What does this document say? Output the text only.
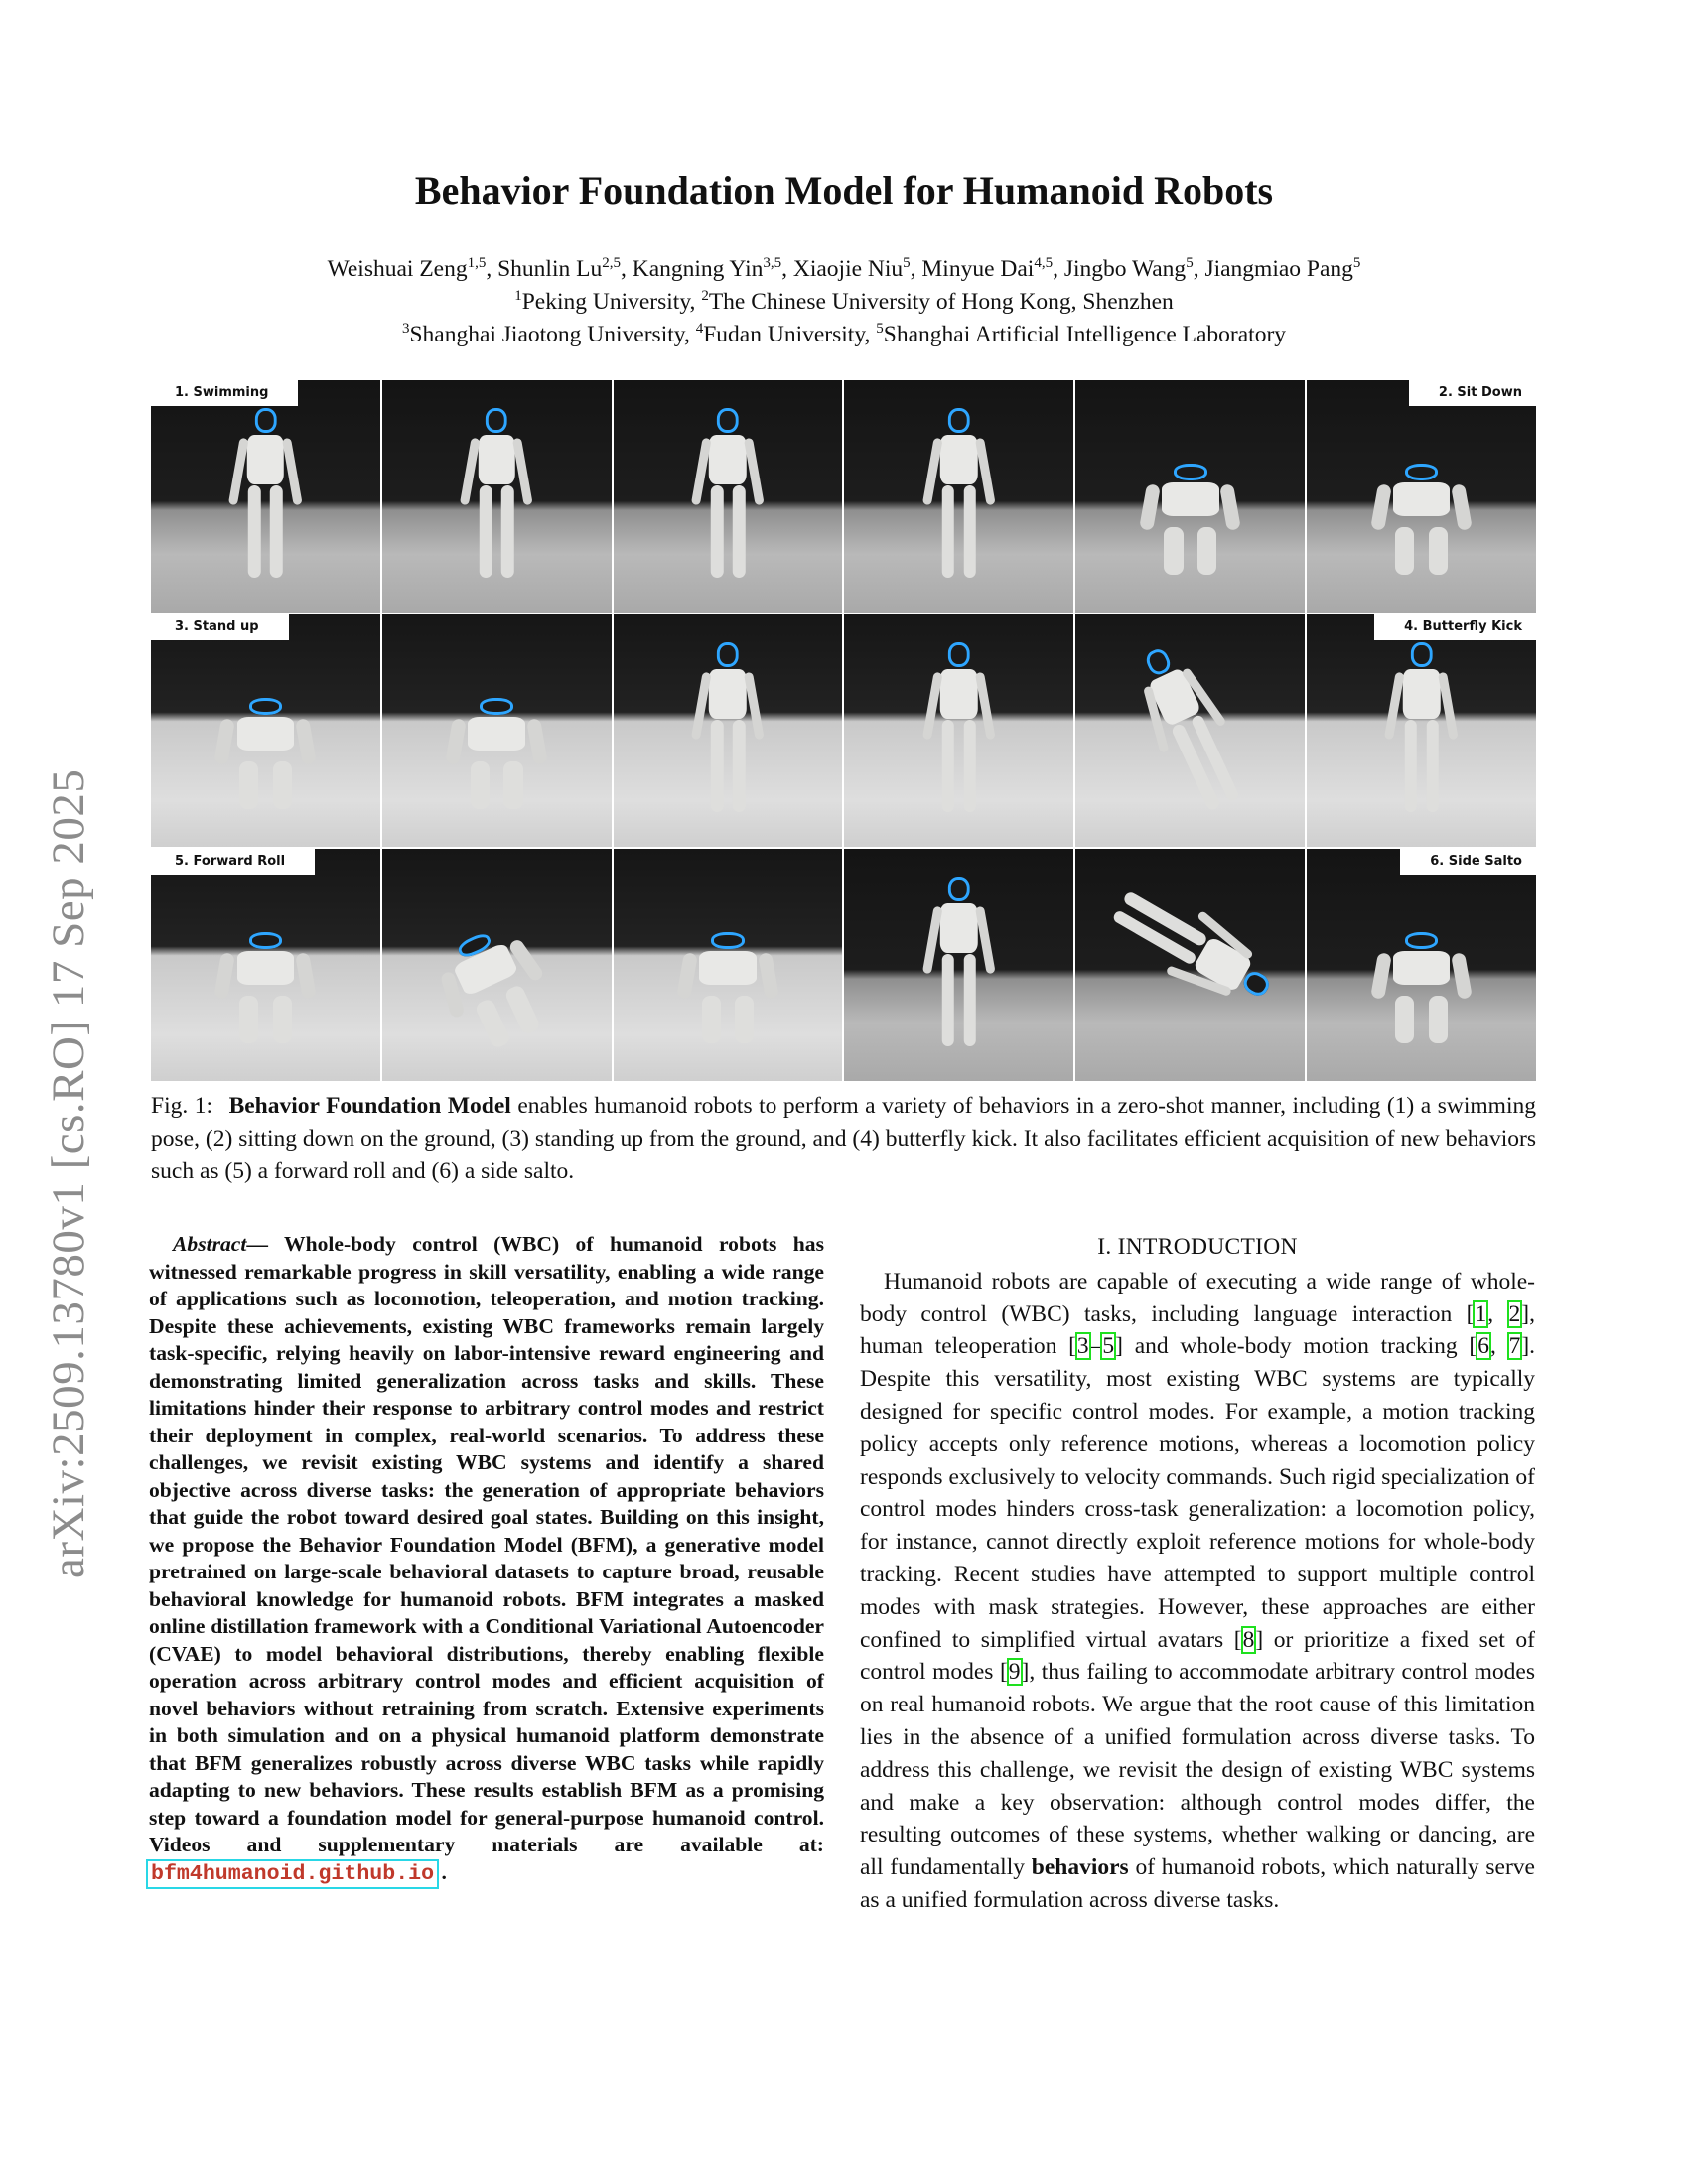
arXiv:2509.13780v1 [cs.RO] 17 Sep 2025
Behavior Foundation Model for Humanoid Robots
Weishuai Zeng$^{1,5}$, Shunlin Lu$^{2,5}$, Kangning Yin$^{3,5}$, Xiaojie Niu$^5$, Minyue Dai$^{4,5}$, Jingbo Wang$^5$, Jiangmiao Pang$^5$
$^1$Peking University, $^2$The Chinese University of Hong Kong, Shenzhen
$^3$Shanghai Jiaotong University, $^4$Fudan University, $^5$Shanghai Artificial Intelligence Laboratory
1. Swimming	2. Sit Down
3. Stand up	4. Butterfly Kick
5. Forward Roll	6. Side Salto
Fig. 1: Behavior Foundation Model enables humanoid robots to perform a variety of behaviors in a zero-shot manner, including (1) a swimming pose, (2) sitting down on the ground, (3) standing up from the ground, and (4) butterfly kick. It also facilitates efficient acquisition of new behaviors such as (5) a forward roll and (6) a side salto.
Abstract— Whole-body control (WBC) of humanoid robots has witnessed remarkable progress in skill versatility, enabling a wide range of applications such as locomotion, teleoperation, and motion tracking. Despite these achievements, existing WBC frameworks remain largely task-specific, relying heavily on labor-intensive reward engineering and demonstrating limited generalization across tasks and skills. These limitations hinder their response to arbitrary control modes and restrict their deployment in complex, real-world scenarios. To address these challenges, we revisit existing WBC systems and identify a shared objective across diverse tasks: the generation of appropriate behaviors that guide the robot toward desired goal states. Building on this insight, we propose the Behavior Foundation Model (BFM), a generative model pretrained on large-scale behavioral datasets to capture broad, reusable behavioral knowledge for humanoid robots. BFM integrates a masked online distillation framework with a Conditional Variational Autoencoder (CVAE) to model behavioral distributions, thereby enabling flexible operation across arbitrary control modes and efficient acquisition of novel behaviors without retraining from scratch. Extensive experiments in both simulation and on a physical humanoid platform demonstrate that BFM generalizes robustly across diverse WBC tasks while rapidly adapting to new behaviors. These results establish BFM as a promising step toward a foundation model for general-purpose humanoid control. Videos and supplementary materials are available at: bfm4humanoid.github.io .
I. INTRODUCTION
Humanoid robots are capable of executing a wide range of whole-body control (WBC) tasks, including language interaction [1, 2], human teleoperation [3–5] and whole-body motion tracking [6, 7]. Despite this versatility, most existing WBC systems are typically designed for specific control modes. For example, a motion tracking policy accepts only reference motions, whereas a locomotion policy responds exclusively to velocity commands. Such rigid specialization of control modes hinders cross-task generalization: a locomotion policy, for instance, cannot directly exploit reference motions for whole-body tracking. Recent studies have attempted to support multiple control modes with mask strategies. However, these approaches are either confined to simplified virtual avatars [8] or prioritize a fixed set of control modes [9], thus failing to accommodate arbitrary control modes on real humanoid robots. We argue that the root cause of this limitation lies in the absence of a unified formulation across diverse tasks. To address this challenge, we revisit the design of existing WBC systems and make a key observation: although control modes differ, the resulting outcomes of these systems, whether walking or dancing, are all fundamentally behaviors of humanoid robots, which naturally serve as a unified formulation across diverse tasks.
